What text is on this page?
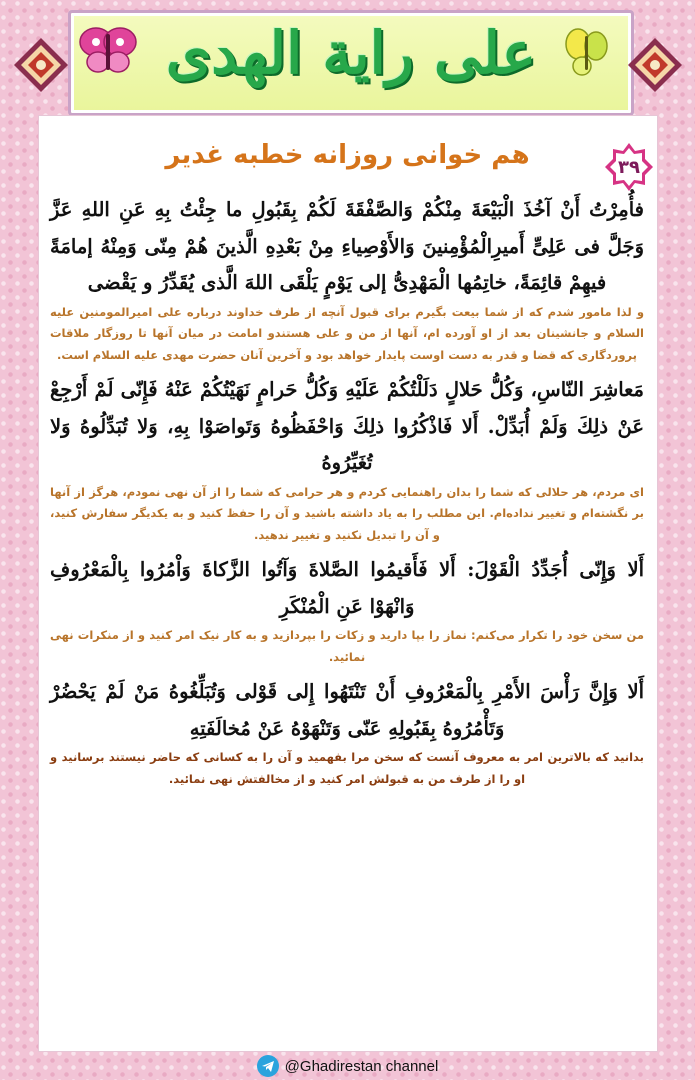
علی رایة الهدی
هم خوانی روزانه خطبه غدیر	۳۹

فأُمِرْتُ أَنْ آخُذَ الْبَيْعَةَ مِنْكُمْ وَالصَّفْقَةَ لَكُمْ بِقَبُولِ ما جِئْتُ بِهِ عَنِ اللهِ عَزَّ وَجَلَّ فی عَلِیٍّ أَميرِالْمُؤْمِنينَ وَالأَوْصِياءِ مِنْ بَعْدِهِ الَّذينَ هُمْ مِنّی وَمِنْهُ إمامَةً فيهِمْ قائِمَةً، خاتِمُها الْمَهْدِیُّ إلی يَوْمٍ يَلْقَی اللهَ الَّذی يُقَدِّرُ و يَقْضی

و لذا مامور شدم که از شما بیعت بگیرم برای قبول آنچه از طرف خداوند درباره علی امیرالمومنین علیه السلام و جانشینان بعد از او آورده ام، آنها از من و علی هستندو امامت در میان آنها تا روزگار ملاقات پروردگاری که قضا و قدر به دست اوست پایدار خواهد بود و آخرین آنان حضرت مهدی علیه السلام است.

مَعاشِرَ النّاسِ، وَكُلُّ حَلالٍ دَلَلْتُكُمْ عَلَيْهِ وَكُلُّ حَرامٍ نَهَيْتُكُمْ عَنْهُ فَإِنّی لَمْ أَرْجِعْ عَنْ ذلِكَ وَلَمْ أُبَدِّلْ. أَلا فَاذْكُرُوا ذلِكَ وَاحْفَظُوهُ وَتَواصَوْا بِهِ، وَلا تُبَدِّلُوهُ وَلا تُغَيِّرُوهُ

ای مردم، هر حلالی که شما را بدان راهنمایی کردم و هر حرامی که شما را از آن نهی نمودم، هرگز از آنها بر نگشته‌ام و تغییر نداده‌ام. این مطلب را به یاد داشته باشید و آن را حفظ کنید و به یکدیگر سفارش کنید، و آن را تبدیل نکنید و تغییر ندهید.

أَلا وَإِنّی أُجَدِّدُ الْقَوْلَ: أَلا فَأَقيمُوا الصَّلاةَ وَآتُوا الزَّكاةَ وَاْمُرُوا بِالْمَعْرُوفِ وَانْهَوْا عَنِ الْمُنْكَرِ

من سخن خود را تکرار می‌کنم: نماز را بپا دارید و زکات را بپردازید و به کار نیک امر کنید و از منکرات نهی نمائید.

أَلا وَإِنَّ رَأْسَ الأَمْرِ بِالْمَعْرُوفِ أَنْ تَنْتَهُوا إِلی قَوْلی وَتُبَلِّغُوهُ مَنْ لَمْ يَحْضُرْ وَتَأْمُرُوهُ بِقَبُولِهِ عَنّی وَتَنْهَوْهُ عَنْ مُخالَفَتِهِ

بدانید که بالاترین امر به معروف آنست که سخن مرا بفهمید و آن را به کسانی که حاضر نیستند برسانید و او را از طرف من به قبولش امر کنید و از مخالفتش نهی نمائید.

@Ghadirestan channel
